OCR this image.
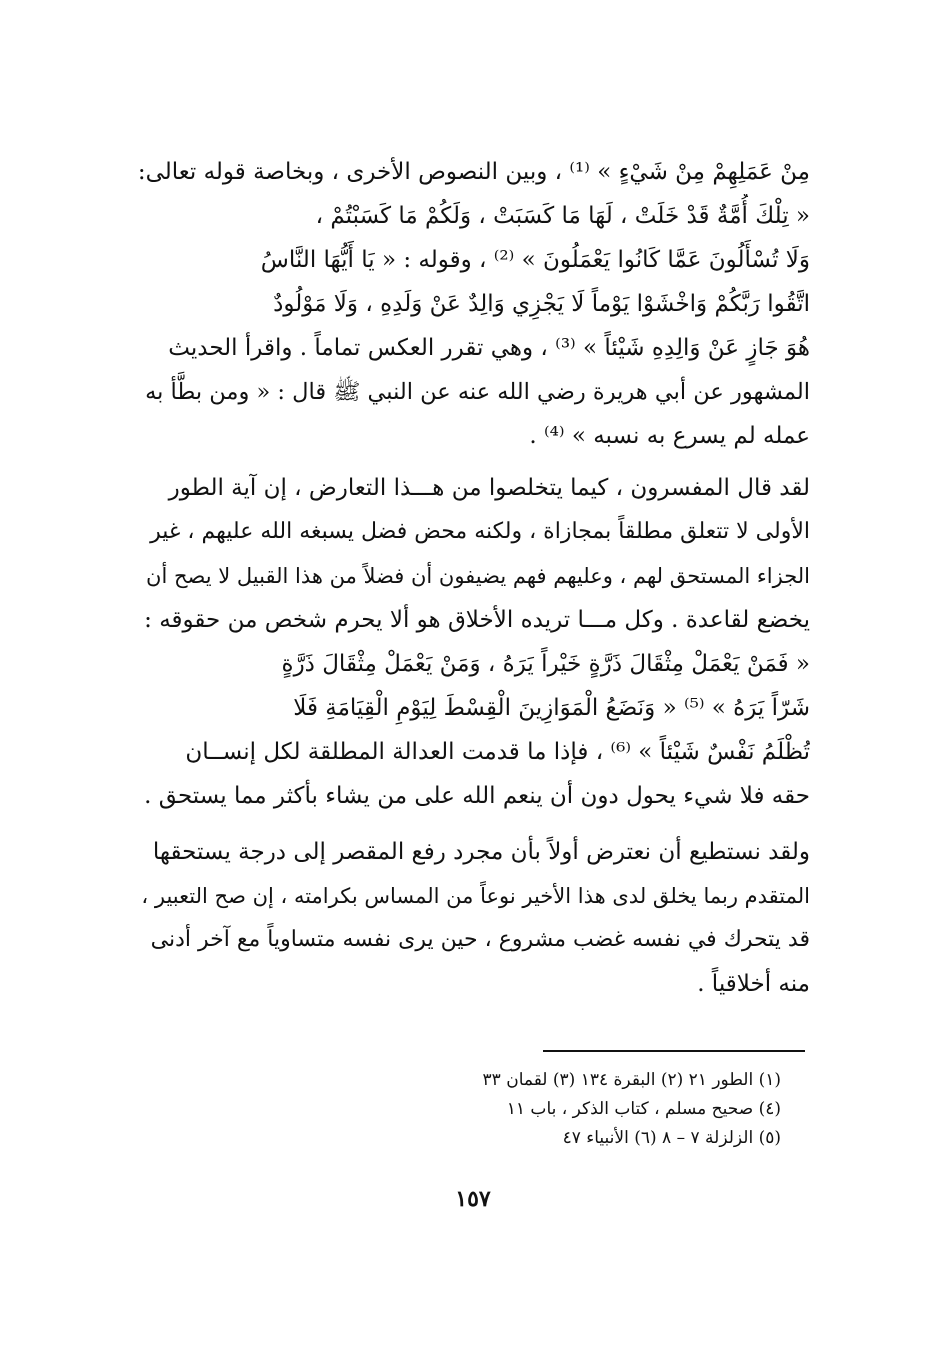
مِنْ عَمَلِهِمْ مِنْ شَيْءٍ » ⁽¹⁾ ، وبين النصوص الأخرى ، وبخاصة قوله تعالى:
« تِلْكَ أُمَّةٌ قَدْ خَلَتْ ، لَهَا مَا كَسَبَتْ ، وَلَكُمْ مَا كَسَبْتُمْ ،
وَلَا تُسْأَلُونَ عَمَّا كَانُوا يَعْمَلُونَ » ⁽²⁾ ، وقوله : « يَا أَيُّهَا النَّاسُ
اتَّقُوا رَبَّكُمْ وَاخْشَوْا يَوْماً لَا يَجْزِي وَالِدٌ عَنْ وَلَدِهِ ، وَلَا مَوْلُودٌ
هُوَ جَازٍ عَنْ وَالِدِهِ شَيْئاً » ⁽³⁾ ، وهي تقرر العكس تماماً . واقرأ الحديث
المشهور عن أبي هريرة رضي الله عنه عن النبي ﷺ قال : « ومن بطَّأ به
عمله لم يسرع به نسبه » ⁽⁴⁾ .
لقد قال المفسرون ، كيما يتخلصوا من هـــذا التعارض ، إن آية الطور
الأولى لا تتعلق مطلقاً بمجازاة ، ولكنه محض فضل يسبغه الله عليهم ، غير
الجزاء المستحق لهم ، وعليهم فهم يضيفون أن فضلاً من هذا القبيل لا يصح أن
يخضع لقاعدة . وكل مـــا تريده الأخلاق هو ألا يحرم شخص من حقوقه :
« فَمَنْ يَعْمَلْ مِثْقَالَ ذَرَّةٍ خَيْراً يَرَهُ ، وَمَنْ يَعْمَلْ مِثْقَالَ ذَرَّةٍ
شَرّاً يَرَهُ » ⁽⁵⁾ « وَنَضَعُ الْمَوَازِينَ الْقِسْطَ لِيَوْمِ الْقِيَامَةِ فَلَا
تُظْلَمُ نَفْسٌ شَيْئاً » ⁽⁶⁾ ، فإذا ما قدمت العدالة المطلقة لكل إنســان
حقه فلا شيء يحول دون أن ينعم الله على من يشاء بأكثر مما يستحق .
ولقد نستطيع أن نعترض أولاً بأن مجرد رفع المقصر إلى درجة يستحقها
المتقدم ربما يخلق لدى هذا الأخير نوعاً من المساس بكرامته ، إن صح التعبير ،
قد يتحرك في نفسه غضب مشروع ، حين يرى نفسه متساوياً مع آخر أدنى
منه أخلاقياً .
(١) الطور ٢١ (٢) البقرة ١٣٤ (٣) لقمان ٣٣
(٤) صحيح مسلم ، كتاب الذكر ، باب ١١
(٥) الزلزلة ٧ – ٨ (٦) الأنبياء ٤٧
١٥٧
